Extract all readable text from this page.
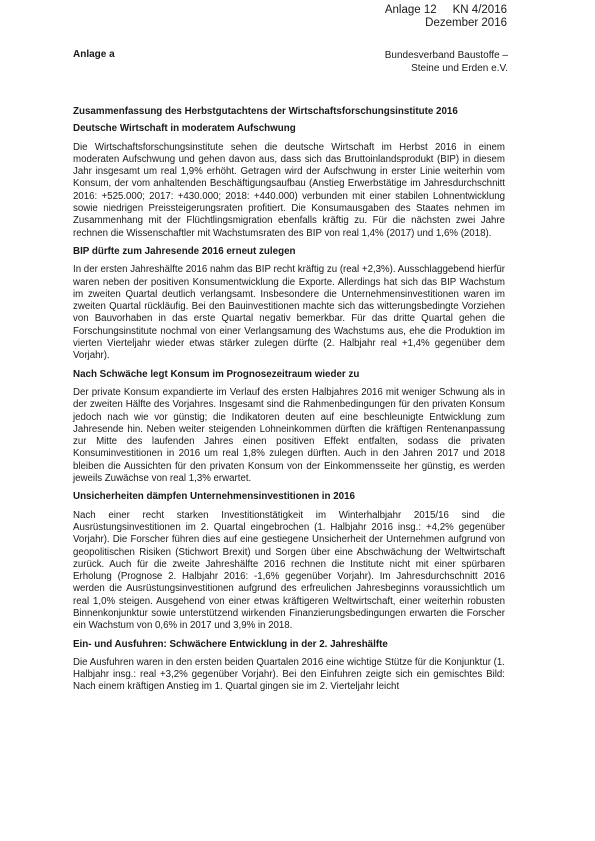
Anlage 12 KN 4/2016
Dezember 2016
Anlage a	Bundesverband Baustoffe –
Steine und Erden e.V.
Zusammenfassung des Herbstgutachtens der Wirtschaftsforschungsinstitute 2016
Deutsche Wirtschaft in moderatem Aufschwung

Die Wirtschaftsforschungsinstitute sehen die deutsche Wirtschaft im Herbst 2016 in einem moderaten Aufschwung und gehen davon aus, dass sich das Bruttoinlandsprodukt (BIP) in diesem Jahr insgesamt um real 1,9% erhöht. Getragen wird der Aufschwung in erster Linie weiterhin vom Konsum, der vom anhaltenden Beschäftigungsaufbau (Anstieg Erwerbstätige im Jahresdurchschnitt 2016: +525.000; 2017: +430.000; 2018: +440.000) verbunden mit einer stabilen Lohnentwicklung sowie niedrigen Preissteigerungsraten profitiert. Die Konsumausgaben des Staates nehmen im Zusammenhang mit der Flüchtlingsmigration ebenfalls kräftig zu. Für die nächsten zwei Jahre rechnen die Wissenschaftler mit Wachstumsraten des BIP von real 1,4% (2017) und 1,6% (2018).

BIP dürfte zum Jahresende 2016 erneut zulegen

In der ersten Jahreshälfte 2016 nahm das BIP recht kräftig zu (real +2,3%). Ausschlaggebend hierfür waren neben der positiven Konsumentwicklung die Exporte. Allerdings hat sich das BIP Wachstum im zweiten Quartal deutlich verlangsamt. Insbesondere die Unternehmensinvestitionen waren im zweiten Quartal rückläufig. Bei den Bauinvestitionen machte sich das witterungsbedingte Vorziehen von Bauvorhaben in das erste Quartal negativ bemerkbar. Für das dritte Quartal gehen die Forschungsinstitute nochmal von einer Verlangsamung des Wachstums aus, ehe die Produktion im vierten Vierteljahr wieder etwas stärker zulegen dürfte (2. Halbjahr real +1,4% gegenüber dem Vorjahr).

Nach Schwäche legt Konsum im Prognosezeitraum wieder zu

Der private Konsum expandierte im Verlauf des ersten Halbjahres 2016 mit weniger Schwung als in der zweiten Hälfte des Vorjahres. Insgesamt sind die Rahmenbedingungen für den privaten Konsum jedoch nach wie vor günstig; die Indikatoren deuten auf eine beschleunigte Entwicklung zum Jahresende hin. Neben weiter steigenden Lohneinkommen dürften die kräftigen Rentenanpassung zur Mitte des laufenden Jahres einen positiven Effekt entfalten, sodass die privaten Konsuminvestitionen in 2016 um real 1,8% zulegen dürften. Auch in den Jahren 2017 und 2018 bleiben die Aussichten für den privaten Konsum von der Einkommensseite her günstig, es werden jeweils Zuwächse von real 1,3% erwartet.

Unsicherheiten dämpfen Unternehmensinvestitionen in 2016

Nach einer recht starken Investitionstätigkeit im Winterhalbjahr 2015/16 sind die Ausrüstungsinvestitionen im 2. Quartal eingebrochen (1. Halbjahr 2016 insg.: +4,2% gegenüber Vorjahr). Die Forscher führen dies auf eine gestiegene Unsicherheit der Unternehmen aufgrund von geopolitischen Risiken (Stichwort Brexit) und Sorgen über eine Abschwächung der Weltwirtschaft zurück. Auch für die zweite Jahreshälfte 2016 rechnen die Institute nicht mit einer spürbaren Erholung (Prognose 2. Halbjahr 2016: -1,6% gegenüber Vorjahr). Im Jahresdurchschnitt 2016 werden die Ausrüstungsinvestitionen aufgrund des erfreulichen Jahresbeginns voraussichtlich um real 1,0% steigen. Ausgehend von einer etwas kräftigeren Weltwirtschaft, einer weiterhin robusten Binnenkonjunktur sowie unterstützend wirkenden Finanzierungsbedingungen erwarten die Forscher ein Wachstum von 0,6% in 2017 und 3,9% in 2018.

Ein- und Ausfuhren: Schwächere Entwicklung in der 2. Jahreshälfte

Die Ausfuhren waren in den ersten beiden Quartalen 2016 eine wichtige Stütze für die Konjunktur (1. Halbjahr insg.: real +3,2% gegenüber Vorjahr). Bei den Einfuhren zeigte sich ein gemischtes Bild: Nach einem kräftigen Anstieg im 1. Quartal gingen sie im 2. Vierteljahr leicht
